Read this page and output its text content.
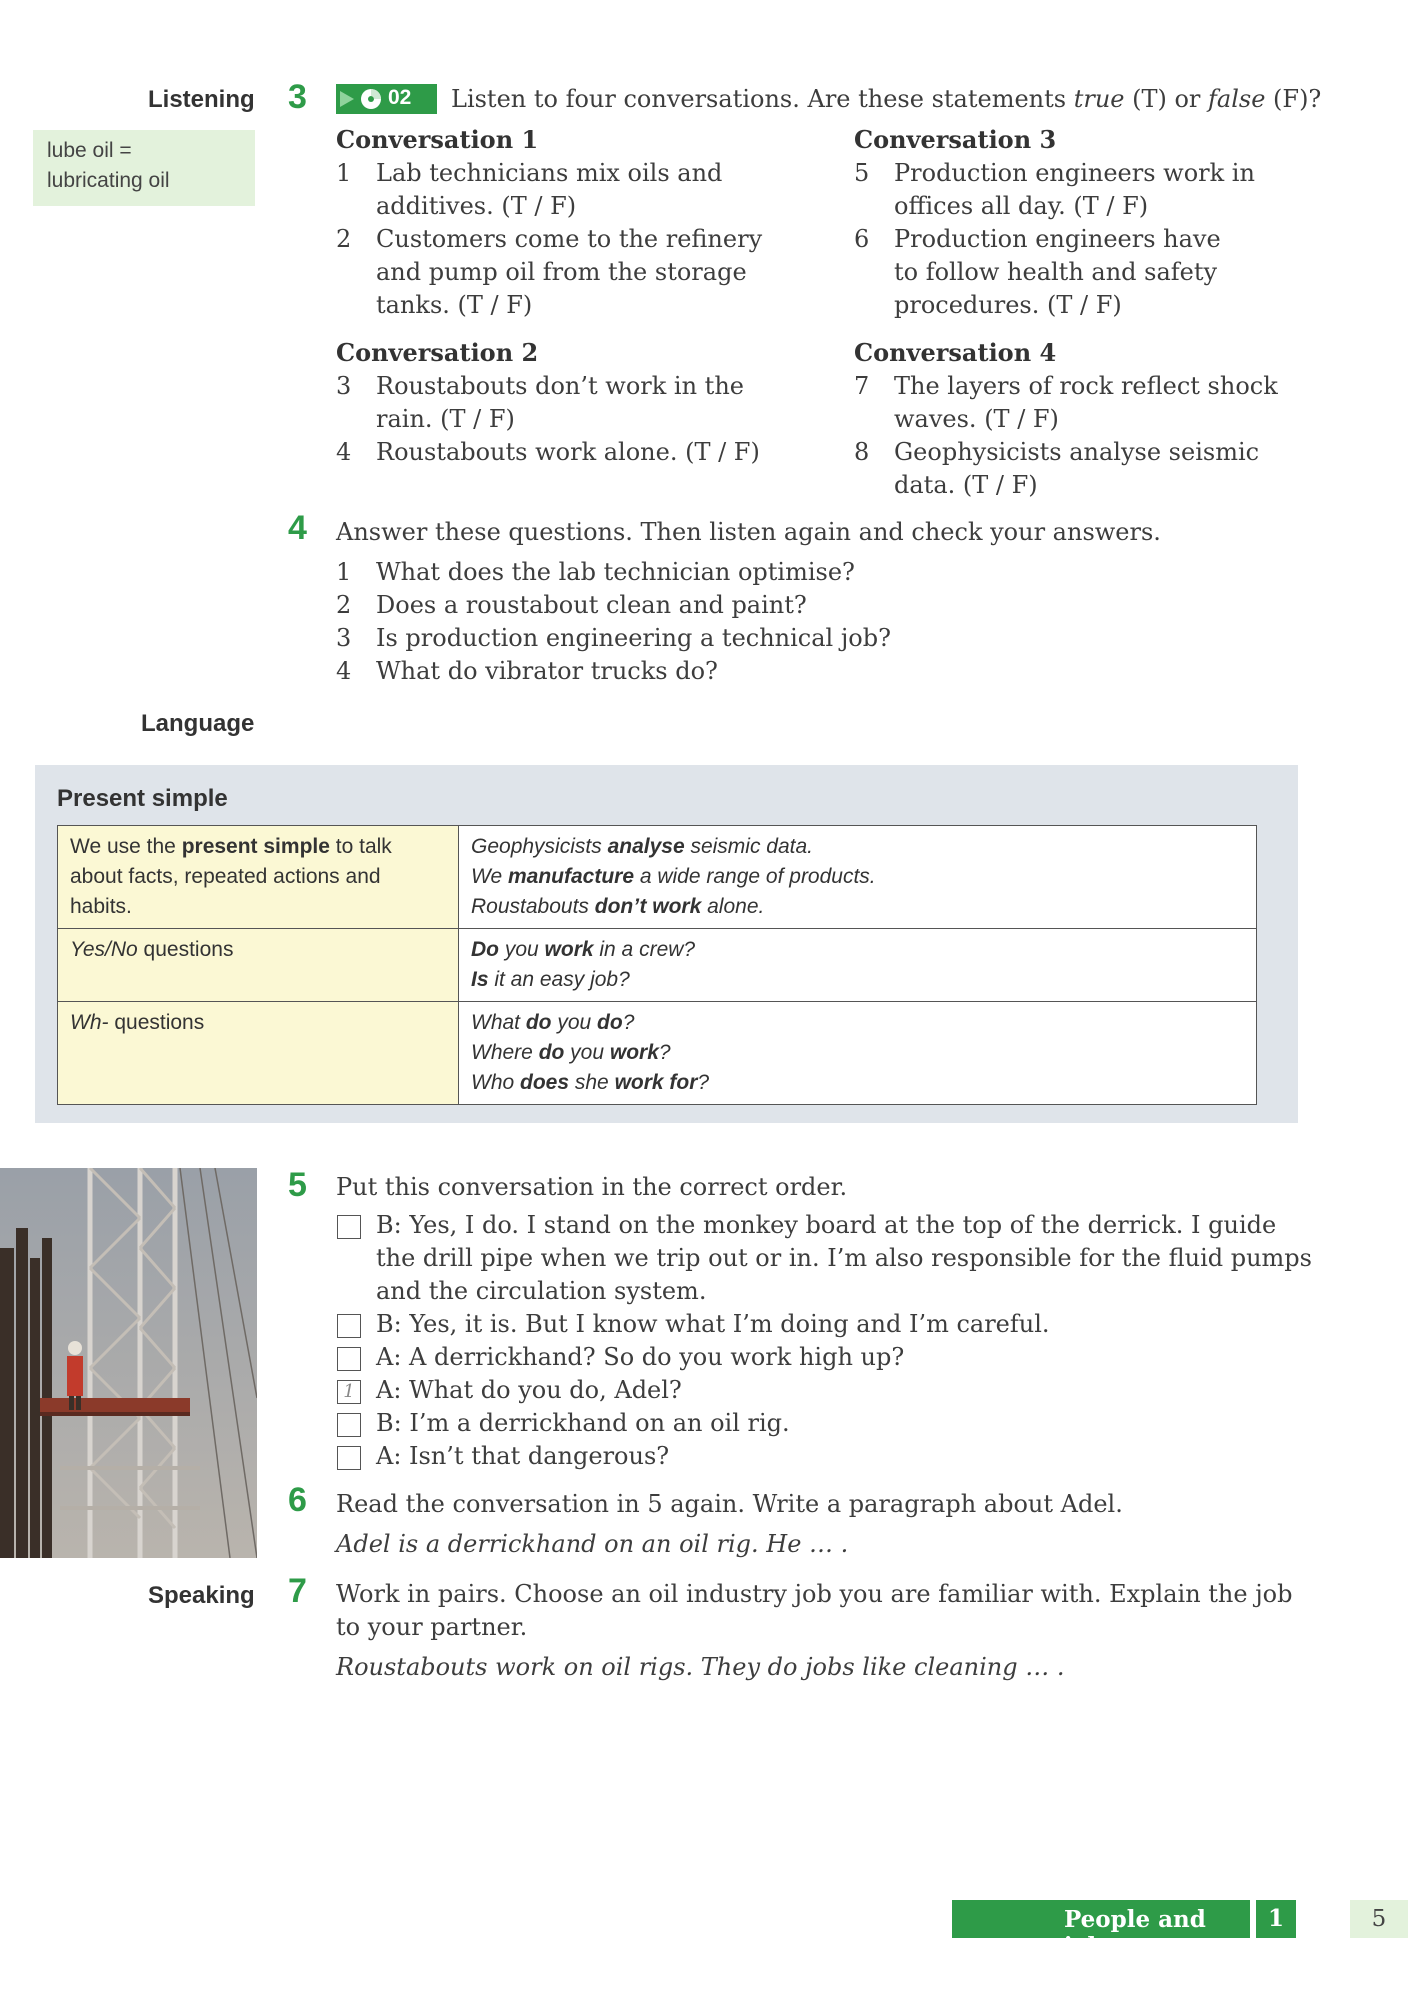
Listening
Language
Speaking
lube oil =
lubricating oil
3	02 Listen to four conversations. Are these statements true (T) or false (F)?
Conversation 1
1 Lab technicians mix oils and
additives. (T / F)
2 Customers come to the refinery
and pump oil from the storage
tanks. (T / F)
Conversation 2
3 Roustabouts don’t work in the
rain. (T / F)
4 Roustabouts work alone. (T / F)
Conversation 3
5 Production engineers work in
offices all day. (T / F)
6 Production engineers have
to follow health and safety
procedures. (T / F)
Conversation 4
7 The layers of rock reflect shock
waves. (T / F)
8 Geophysicists analyse seismic
data. (T / F)
4 Answer these questions. Then listen again and check your answers.
1 What does the lab technician optimise?
2 Does a roustabout clean and paint?
3 Is production engineering a technical job?
4 What do vibrator trucks do?
Present simple
We use the present simple to talk about facts, repeated actions and habits.	Geophysicists analyse seismic data.
We manufacture a wide range of products.
Roustabouts don’t work alone.

Yes/No questions	Do you work in a crew?
Is it an easy job?

Wh- questions	What do you do?
Where do you work?
Who does she work for?
5 Put this conversation in the correct order.
B: Yes, I do. I stand on the monkey board at the top of the derrick. I guide
the drill pipe when we trip out or in. I’m also responsible for the fluid pumps
and the circulation system.
B: Yes, it is. But I know what I’m doing and I’m careful.
A: A derrickhand? So do you work high up?
1 A: What do you do, Adel?
B: I’m a derrickhand on an oil rig.
A: Isn’t that dangerous?
6 Read the conversation in 5 again. Write a paragraph about Adel.
Adel is a derrickhand on an oil rig. He … .
7 Work in pairs. Choose an oil industry job you are familiar with. Explain the job
to your partner.
Roustabouts work on oil rigs. They do jobs like cleaning … .
People and jobs
1	5
